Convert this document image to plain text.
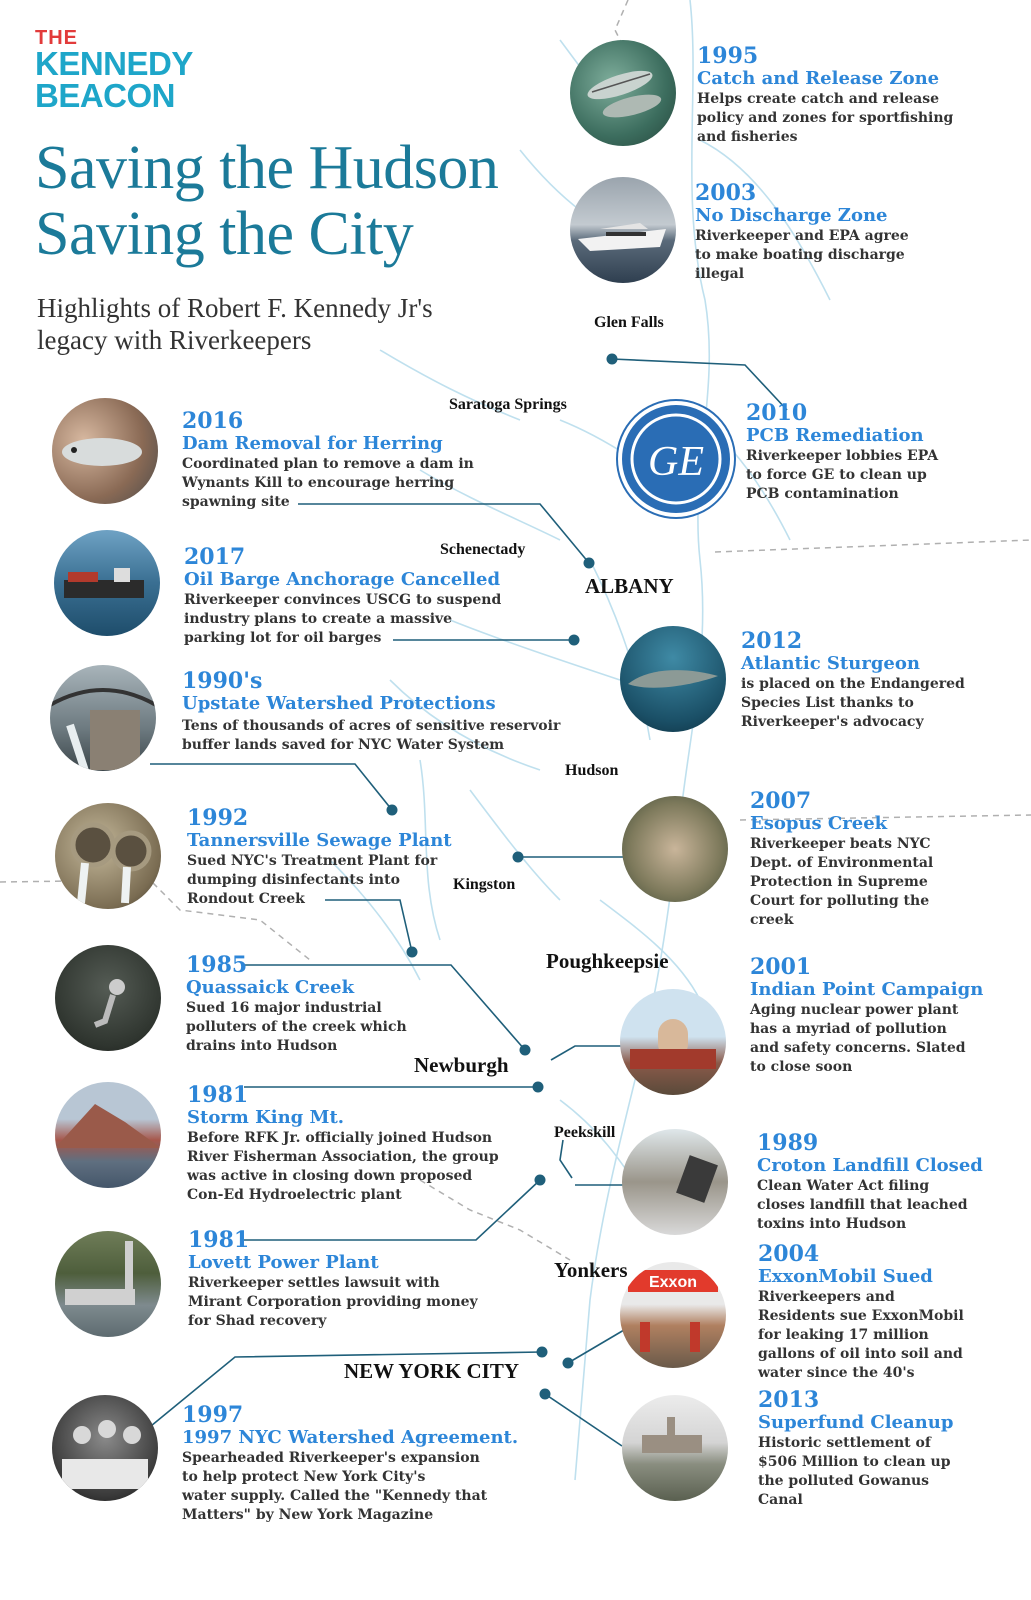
THE
KENNEDY
BEACON
Saving the Hudson
Saving the City
Highlights of Robert F. Kennedy Jr's
legacy with Riverkeepers
Glen Falls
Saratoga Springs
Schenectady
ALBANY
Hudson
Kingston
Poughkeepsie
Newburgh
Peekskill
Yonkers
NEW YORK CITY
GE
Exxon
1995
Catch and Release Zone
Helps create catch and release
policy and zones for sportfishing
and fisheries
2003
No Discharge Zone
Riverkeeper and EPA agree
to make boating discharge
illegal
2010
PCB Remediation
Riverkeeper lobbies EPA
to force GE to clean up
PCB contamination
2016
Dam Removal for Herring
Coordinated plan to remove a dam in
Wynants Kill to encourage herring
spawning site
2017
Oil Barge Anchorage Cancelled
Riverkeeper convinces USCG to suspend
industry plans to create a massive
parking lot for oil barges	2012
Atlantic Sturgeon
is placed on the Endangered
Species List thanks to
Riverkeeper's advocacy
1990's
Upstate Watershed Protections
Tens of thousands of acres of sensitive reservoir
buffer lands saved for NYC Water System
1992
Tannersville Sewage Plant
Sued NYC's Treatment Plant for
dumping disinfectants into
Rondout Creek
2007
Esopus Creek
Riverkeeper beats NYC
Dept. of Environmental
Protection in Supreme
Court for polluting the
creek
1985
Quassaick Creek
Sued 16 major industrial
polluters of the creek which
drains into Hudson
2001
Indian Point Campaign
Aging nuclear power plant
has a myriad of pollution
and safety concerns. Slated
to close soon
1981
Storm King Mt.
Before RFK Jr. officially joined Hudson
River Fisherman Association, the group
was active in closing down proposed
Con-Ed Hydroelectric plant
1989
Croton Landfill Closed
Clean Water Act filing
closes landfill that leached
toxins into Hudson
1981
Lovett Power Plant
Riverkeeper settles lawsuit with
Mirant Corporation providing money
for Shad recovery
2004
ExxonMobil Sued
Riverkeepers and
Residents sue ExxonMobil
for leaking 17 million
gallons of oil into soil and
water since the 40's
2013
Superfund Cleanup
Historic settlement of
$506 Million to clean up
the polluted Gowanus
Canal
1997
1997 NYC Watershed Agreement.
Spearheaded Riverkeeper's expansion
to help protect New York City's
water supply. Called the "Kennedy that
Matters" by New York Magazine
